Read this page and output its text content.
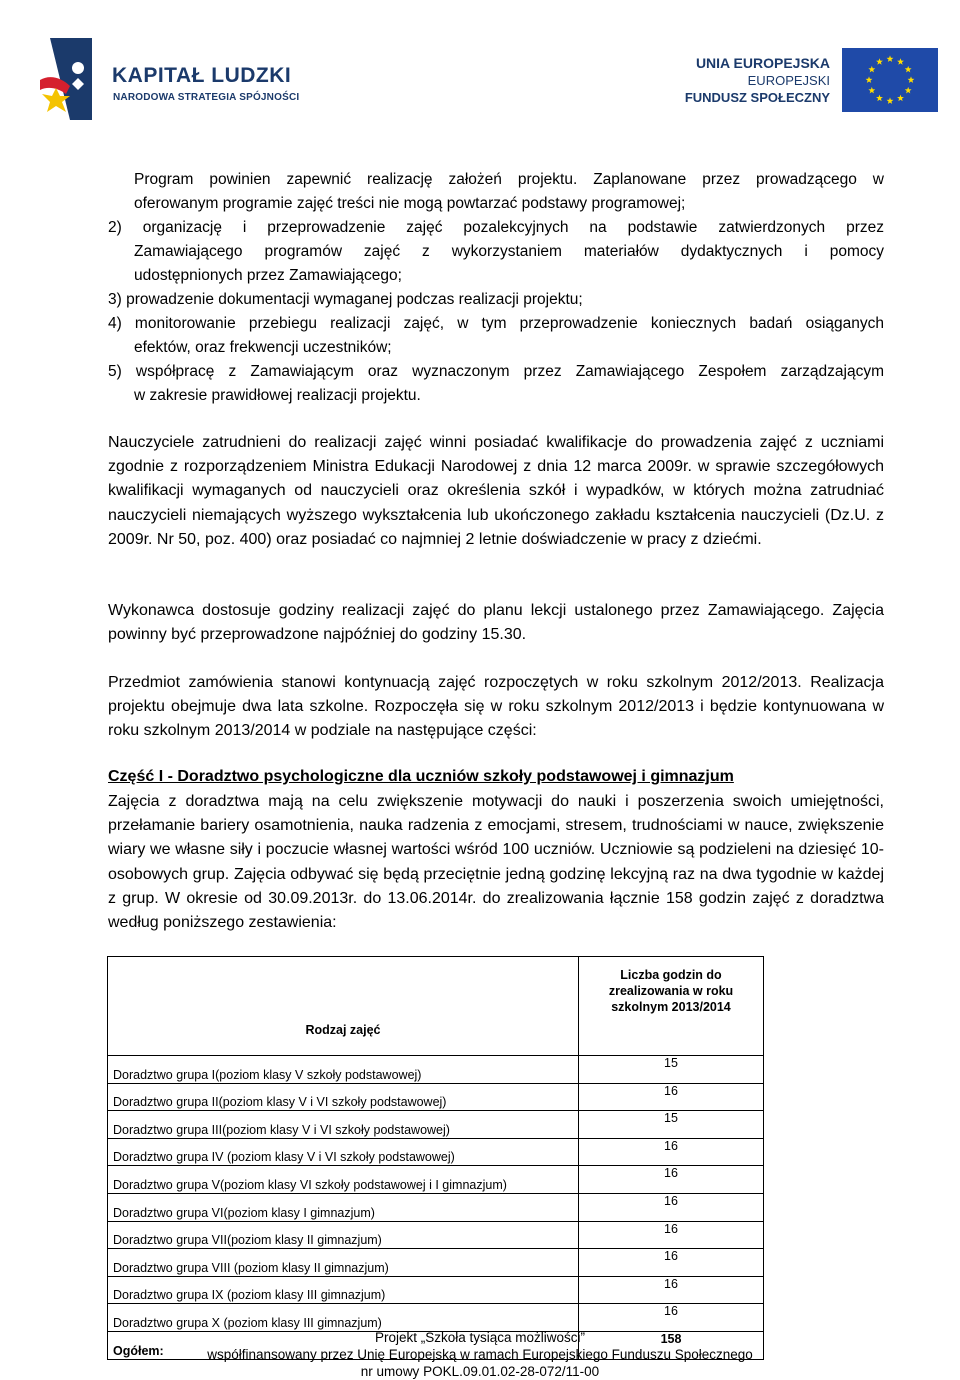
KAPITAŁ LUDZKI
NARODOWA STRATEGIA SPÓJNOŚCI
UNIA EUROPEJSKA
EUROPEJSKI
FUNDUSZ SPOŁECZNY
Program powinien zapewnić realizację założeń projektu. Zaplanowane przez prowadzącego w
oferowanym programie zajęć treści nie mogą powtarzać podstawy programowej;
2) organizację i przeprowadzenie zajęć pozalekcyjnych na podstawie zatwierdzonych przez
Zamawiającego programów zajęć z wykorzystaniem materiałów dydaktycznych i pomocy
udostępnionych przez Zamawiającego;
3) prowadzenie dokumentacji wymaganej podczas realizacji projektu;
4) monitorowanie przebiegu realizacji zajęć, w tym przeprowadzenie koniecznych badań osiąganych
efektów, oraz frekwencji uczestników;
5) współpracę z Zamawiającym oraz wyznaczonym przez Zamawiającego Zespołem zarządzającym
w zakresie prawidłowej realizacji projektu.

Nauczyciele zatrudnieni do realizacji zajęć winni posiadać kwalifikacje do prowadzenia zajęć z uczniami zgodnie z rozporządzeniem Ministra Edukacji Narodowej z dnia 12 marca 2009r. w sprawie szczegółowych kwalifikacji wymaganych od nauczycieli oraz określenia szkół i wypadków, w których można zatrudniać nauczycieli niemających wyższego wykształcenia lub ukończonego zakładu kształcenia nauczycieli (Dz.U. z 2009r. Nr 50, poz. 400) oraz posiadać co najmniej 2 letnie doświadczenie w pracy z dziećmi.

Wykonawca dostosuje godziny realizacji zajęć do planu lekcji ustalonego przez Zamawiającego. Zajęcia powinny być przeprowadzone najpóźniej do godziny 15.30.

Przedmiot zamówienia stanowi kontynuacją zajęć rozpoczętych w roku szkolnym 2012/2013. Realizacja projektu obejmuje dwa lata szkolne. Rozpoczęła się w roku szkolnym 2012/2013 i będzie kontynuowana w roku szkolnym 2013/2014 w podziale na następujące części:

Część I - Doradztwo psychologiczne dla uczniów szkoły podstawowej i gimnazjum

Zajęcia z doradztwa mają na celu zwiększenie motywacji do nauki i poszerzenia swoich umiejętności, przełamanie bariery osamotnienia, nauka radzenia z emocjami, stresem, trudnościami w nauce, zwiększenie wiary we własne siły i poczucie własnej wartości wśród 100 uczniów. Uczniowie są podzieleni na dziesięć 10-osobowych grup. Zajęcia odbywać się będą przeciętnie jedną godzinę lekcyjną raz na dwa tygodnie w każdej z grup. W okresie od 30.09.2013r. do 13.06.2014r. do zrealizowania łącznie 158 godzin zajęć z doradztwa według poniższego zestawienia:

Rodzaj zajęć	Liczba godzin do zrealizowania w roku szkolnym 2013/2014
Doradztwo grupa I(poziom klasy V szkoły podstawowej)	15
Doradztwo grupa II(poziom klasy V i VI szkoły podstawowej)	16
Doradztwo grupa III(poziom klasy V i VI szkoły podstawowej)	15
Doradztwo grupa IV (poziom klasy V i VI szkoły podstawowej)	16
Doradztwo grupa V(poziom klasy VI szkoły podstawowej i I gimnazjum)	16
Doradztwo grupa VI(poziom klasy I gimnazjum)	16
Doradztwo grupa VII(poziom klasy II gimnazjum)	16
Doradztwo grupa VIII (poziom klasy II gimnazjum)	16
Doradztwo grupa IX (poziom klasy III gimnazjum)	16
Doradztwo grupa X (poziom klasy III gimnazjum)	16
Ogółem:	158
Projekt „Szkoła tysiąca możliwości”
współfinansowany przez Unię Europejską w ramach Europejskiego Funduszu Społecznego
nr umowy POKL.09.01.02-28-072/11-00
